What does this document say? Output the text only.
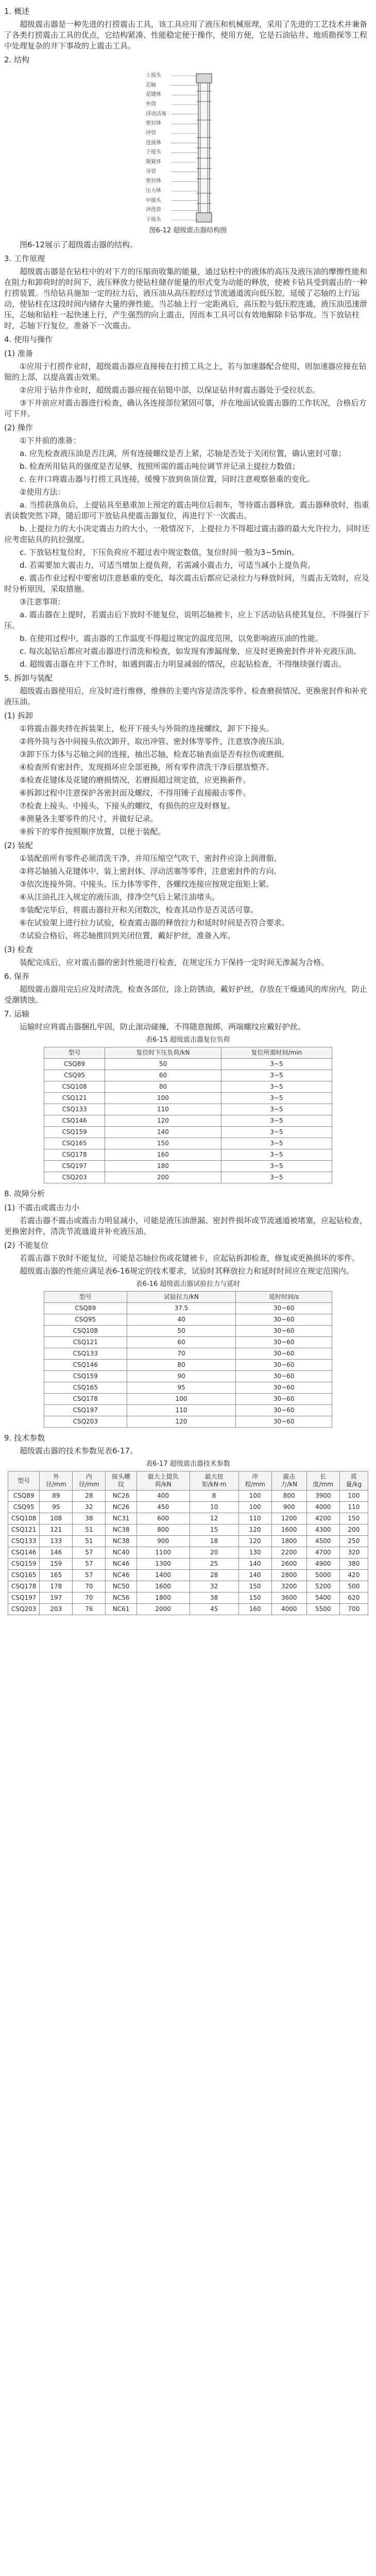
1. 概述
超级震击器是一种先进的打捞震击工具，该工具应用了液压和机械原理，采用了先进的工艺技术并兼备了各类打捞震击工具的优点，它结构紧凑、性能稳定便于操作，使用方便，它是石油钻井、地质勘探等工程中处理复杂的井下事故的上震击工具。
2. 结构
上接头
芯轴
花键体
外筒
浮动活塞
密封体
冲管
连接体
下接头
锁紧环
导管
密封体
压力体
中接头
冲洗管
下接头
图6-12 超级震击器结构图
图6-12展示了超级震击器的结构。
3. 工作原理
超级震击器是在钻柱中的对下方的压缩而收集的能量，通过钻柱中的液体的高压及液压油的摩擦性能和在阻力和卸荷时的时间下，液压释放力使钻柱储存能量的形式变为动能的释放，使被卡钻具受到震击的一种打捞装置。当给钻具施加一定的拉力后，液压油从高压腔经过节流通道流向低压腔，延缓了芯轴的上行运动，使钻柱在这段时间内储存大量的弹性能。当芯轴上行一定距离后，高压腔与低压腔连通，液压油迅速泄压，芯轴和钻柱一起快速上行，产生强烈的向上震击，因而本工具可以有效地解除卡钻事故。当下放钻柱时，芯轴下行复位，准备下一次震击。
4. 使用与操作
(1) 准备
①应用于打捞作业时，超级震击器应直接接在打捞工具之上，若与加速器配合使用，则加速器应接在钻铤的上部，以提高震击效果。
②应用于钻井作业时，超级震击器应接在钻铤中部，以保证钻井时震击器处于受拉状态。
③下井前应对震击器进行检查，确认各连接部位紧固可靠，并在地面试验震击器的工作状况，合格后方可下井。
(2) 操作
①下井前的准备：
a. 应先检查液压油是否注满，所有连接螺纹是否上紧，芯轴是否处于关闭位置，确认密封可靠；
b. 检查所用钻具的强度是否足够，按照所需的震击吨位调节并记录上提拉力数值；
c. 在井口将震击器与打捞工具连接，缓慢下放到鱼顶位置，同时注意观察悬重的变化。
②使用方法：
a. 当捞获落鱼后，上提钻具至悬重加上预定的震击吨位后刹车，等待震击器释放。震击器释放时，指重表读数突然下降，随后即可下放钻具使震击器复位，再进行下一次震击。
b. 上提拉力的大小决定震击力的大小，一般情况下，上提拉力不得超过震击器的最大允许拉力，同时还应考虑钻具的抗拉强度。
c. 下放钻柱复位时，下压负荷应不超过表中规定数值，复位时间一般为3~5min。
d. 若需要加大震击力，可适当增加上提负荷，若需减小震击力，可适当减小上提负荷。
e. 震击作业过程中要密切注意悬重的变化，每次震击后都应记录拉力与释放时间，当震击无效时，应及时分析原因，采取措施。
③注意事项：
a. 震击器在上提时，若震击后下放时不能复位，说明芯轴被卡，应上下活动钻具使其复位，不得强行下压。
b. 在使用过程中，震击器的工作温度不得超过规定的温度范围，以免影响液压油的性能。
c. 每次起钻后都应对震击器进行清洗和检查，如发现有渗漏现象，应及时更换密封件并补充液压油。
d. 超级震击器在井下工作时，如遇到震击力明显减弱的情况，应起钻检查，不得继续强行震击。
5. 拆卸与装配
超级震击器使用后，应及时进行维修，维修的主要内容是清洗零件、检查磨损情况、更换密封件和补充液压油。
(1) 拆卸
①将震击器夹持在拆装架上，松开下接头与外筒的连接螺纹，卸下下接头。
②将外筒与各中间接头依次卸开，取出冲管、密封体等零件，注意放净液压油。
③卸下压力体与芯轴之间的连接，抽出芯轴，检查芯轴表面是否有拉伤或磨损。
④检查所有密封件，发现损坏应全部更换，所有零件清洗干净后摆放整齐。
⑤检查花键体及花键的磨损情况，若磨损超过规定值，应更换新件。
⑥拆卸过程中注意保护各密封面及螺纹，不得用锤子直接敲击零件。
⑦检查上接头、中接头、下接头的螺纹，有损伤的应及时修复。
⑧测量各主要零件的尺寸，并做好记录。
⑨拆下的零件按照顺序放置，以便于装配。
(2) 装配
①装配前所有零件必须清洗干净，并用压缩空气吹干，密封件应涂上润滑脂。
②将芯轴插入花键体中，装上密封体、浮动活塞等零件，注意密封件的方向。
③依次连接外筒、中接头、压力体等零件，各螺纹连接应按规定扭矩上紧。
④从注油孔注入规定的液压油，排净空气后上紧注油堵头。
⑤装配完毕后，将震击器拉开和关闭数次，检查其动作是否灵活可靠。
⑥在试验架上进行拉力试验，检查震击器的释放拉力和延时时间是否符合要求。
⑦试验合格后，将芯轴推回到关闭位置，戴好护丝，准备入库。
(3) 检查
装配完成后，应对震击器的密封性能进行检查，在规定压力下保持一定时间无渗漏为合格。
6. 保养
超级震击器用完后应及时清洗，检查各部位，涂上防锈油，戴好护丝，存放在干燥通风的库房内，防止受潮锈蚀。
7. 运输
运输时应将震击器捆扎牢固，防止滚动碰撞，不得随意抛掷，两端螺纹应戴好护丝。
表6-15 超级震击器复位负荷
型号	复位时下压负荷/kN	复位所需时间/min
CSQ89	50	3~5
CSQ95	60	3~5
CSQ108	80	3~5
CSQ121	100	3~5
CSQ133	110	3~5
CSQ146	120	3~5
CSQ159	140	3~5
CSQ165	150	3~5
CSQ178	160	3~5
CSQ197	180	3~5
CSQ203	200	3~5
8. 故障分析
(1) 不震击或震击力小
若震击器不震击或震击力明显减小，可能是液压油泄漏、密封件损坏或节流通道被堵塞，应起钻检查，更换密封件，清洗节流通道并补充液压油。
(2) 不能复位
若震击器下放时不能复位，可能是芯轴拉伤或花键被卡，应起钻拆卸检查，修复或更换损坏的零件。
超级震击器的性能应满足表6-16规定的技术要求，试验时其释放拉力和延时时间应在规定范围内。
表6-16 超级震击器试验拉力与延时
型号	试验拉力/kN	延时时间/s
CSQ89	37.5	30~60
CSQ95	40	30~60
CSQ108	50	30~60
CSQ121	60	30~60
CSQ133	70	30~60
CSQ146	80	30~60
CSQ159	90	30~60
CSQ165	95	30~60
CSQ178	100	30~60
CSQ197	110	30~60
CSQ203	120	30~60
9. 技术参数
超级震击器的技术参数见表6-17。
表6-17 超级震击器技术参数
型号	外径/mm	内径/mm	接头螺纹	最大上提负荷/kN	最大扭矩/kN·m	冲程/mm	震击力/kN	长度/mm	质量/kg
CSQ89	89	28	NC26	400	8	100	800	3900	100
CSQ95	95	32	NC26	450	10	100	900	4000	110
CSQ108	108	38	NC31	600	12	110	1200	4200	150
CSQ121	121	51	NC38	800	15	120	1600	4300	200
CSQ133	133	51	NC38	900	18	120	1800	4500	250
CSQ146	146	57	NC40	1100	20	130	2200	4700	320
CSQ159	159	57	NC46	1300	25	140	2600	4900	380
CSQ165	165	57	NC46	1400	28	140	2800	5000	420
CSQ178	178	70	NC50	1600	32	150	3200	5200	500
CSQ197	197	70	NC56	1800	38	150	3600	5400	620
CSQ203	203	76	NC61	2000	45	160	4000	5500	700
